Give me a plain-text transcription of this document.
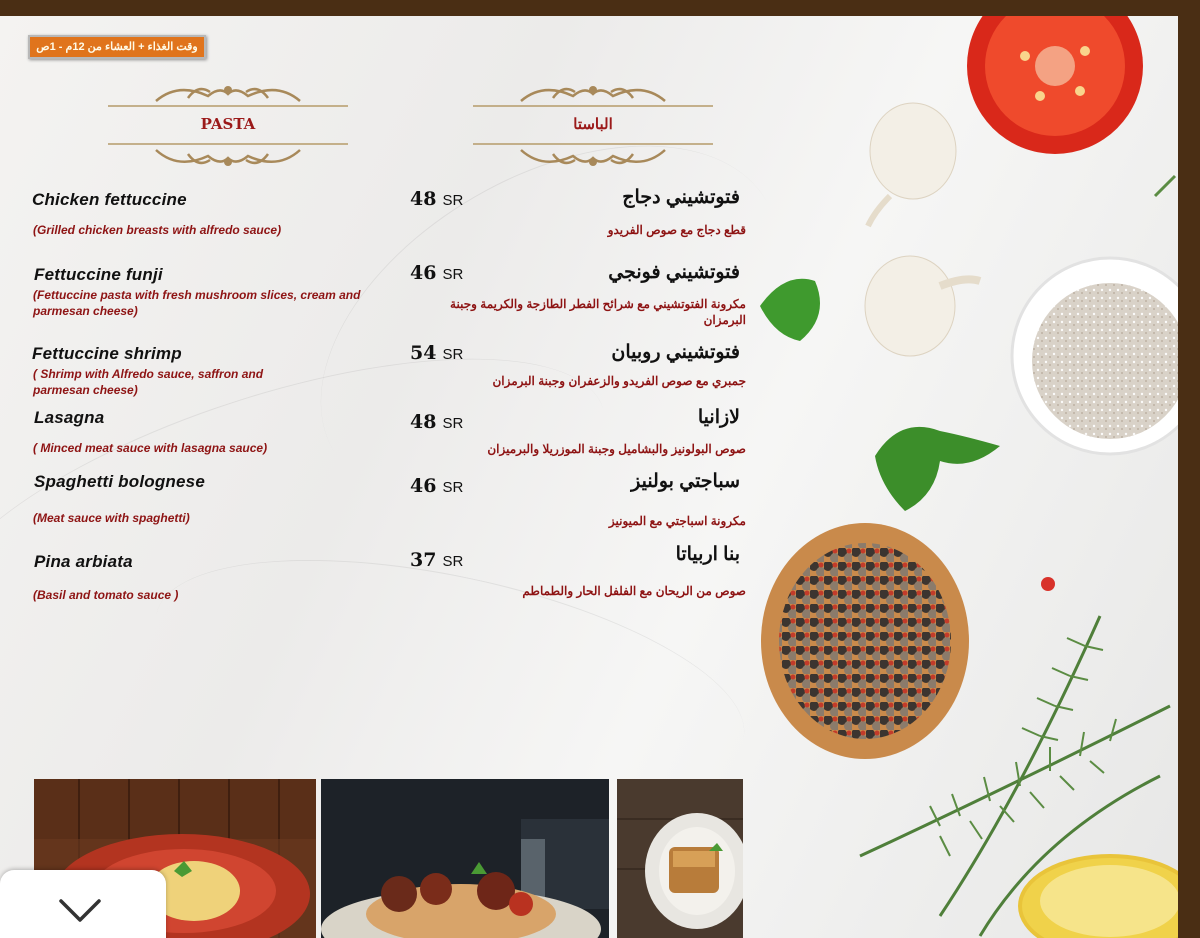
وقت الغذاء + العشاء من 12م - 1ص
PASTA	الباستا
Chicken fettuccine
(Grilled chicken breasts with alfredo sauce)
48 SR	فتوتشيني دجاج
قطع دجاج مع صوص الفريدو
Fettuccine funji
(Fettuccine pasta with fresh mushroom slices, cream and parmesan cheese)
46 SR	فتوتشيني فونجي
مكرونة الفتوتشيني مع شرائح الفطر الطازجة والكريمة وجبنة البرمزان
Fettuccine shrimp
( Shrimp with Alfredo sauce, saffron and parmesan cheese)
54 SR	فتوتشيني روبيان
جمبري مع صوص الفريدو والزعفران وجبنة البرمزان
Lasagna
( Minced meat sauce with lasagna sauce)
48 SR	لازانيا
صوص البولونيز والبشاميل وجبنة الموزريلا والبرميزان
Spaghetti bolognese
(Meat sauce with spaghetti)
46 SR	سباجتي بولنيز
مكرونة اسباجتي مع الميونيز
Pina arbiata
(Basil and tomato sauce )
37 SR	بنا اربياتا
صوص من الريحان مع الفلفل الحار والطماطم
